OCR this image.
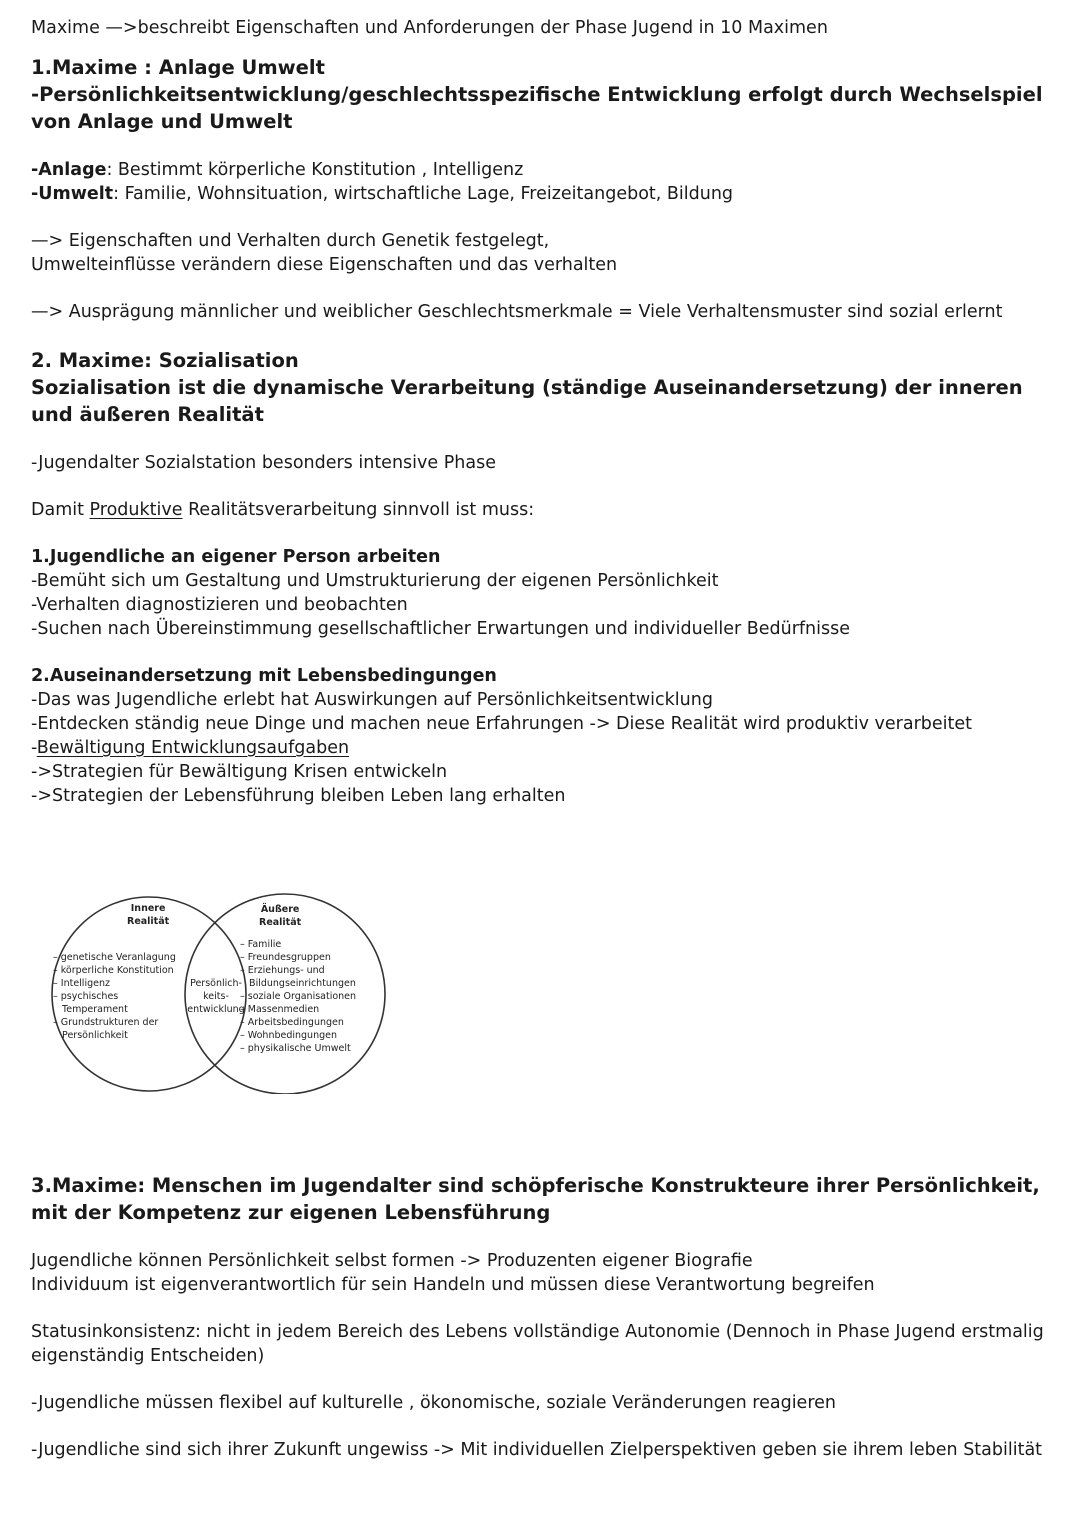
Maxime —>beschreibt Eigenschaften und Anforderungen der Phase Jugend in 10 Maximen
1.Maxime : Anlage Umwelt
-Persönlichkeitsentwicklung/geschlechtsspezifische Entwicklung erfolgt durch Wechselspiel von Anlage und Umwelt
-Anlage: Bestimmt körperliche Konstitution , Intelligenz
-Umwelt: Familie, Wohnsituation, wirtschaftliche Lage, Freizeitangebot, Bildung
—> Eigenschaften und Verhalten durch Genetik festgelegt,
Umwelteinflüsse verändern diese Eigenschaften und das verhalten
—> Ausprägung männlicher und weiblicher Geschlechtsmerkmale = Viele Verhaltensmuster sind sozial erlernt
2. Maxime: Sozialisation
Sozialisation ist die dynamische Verarbeitung (ständige Auseinandersetzung) der inneren und äußeren Realität
-Jugendalter Sozialstation besonders intensive Phase
Damit Produktive Realitätsverarbeitung sinnvoll ist muss:
1.Jugendliche an eigener Person arbeiten
-Bemüht sich um Gestaltung und Umstrukturierung der eigenen Persönlichkeit
-Verhalten diagnostizieren und beobachten
-Suchen nach Übereinstimmung gesellschaftlicher Erwartungen und individueller Bedürfnisse
2.Auseinandersetzung mit Lebensbedingungen
-Das was Jugendliche erlebt hat Auswirkungen auf Persönlichkeitsentwicklung
-Entdecken ständig neue Dinge und machen neue Erfahrungen -> Diese Realität wird produktiv verarbeitet
-Bewältigung Entwicklungsaufgaben
->Strategien für Bewältigung Krisen entwickeln
->Strategien der Lebensführung bleiben Leben lang erhalten
Innere
Realität
Äußere
Realität
– genetische Veranlagung
– körperliche Konstitution
– Intelligenz
– psychisches
Temperament
– Grundstrukturen der
Persönlichkeit
Persönlich-
keits-
entwicklung
– Familie
– Freundesgruppen
– Erziehungs- und
Bildungseinrichtungen
– soziale Organisationen
– Massenmedien
– Arbeitsbedingungen
– Wohnbedingungen
– physikalische Umwelt
3.Maxime: Menschen im Jugendalter sind schöpferische Konstrukteure ihrer Persönlichkeit, mit der Kompetenz zur eigenen Lebensführung
Jugendliche können Persönlichkeit selbst formen -> Produzenten eigener Biografie
Individuum ist eigenverantwortlich für sein Handeln und müssen diese Verantwortung begreifen
Statusinkonsistenz: nicht in jedem Bereich des Lebens vollständige Autonomie (Dennoch in Phase Jugend erstmalig eigenständig Entscheiden)
-Jugendliche müssen flexibel auf kulturelle , ökonomische, soziale Veränderungen reagieren
-Jugendliche sind sich ihrer Zukunft ungewiss -> Mit individuellen Zielperspektiven geben sie ihrem leben Stabilität
